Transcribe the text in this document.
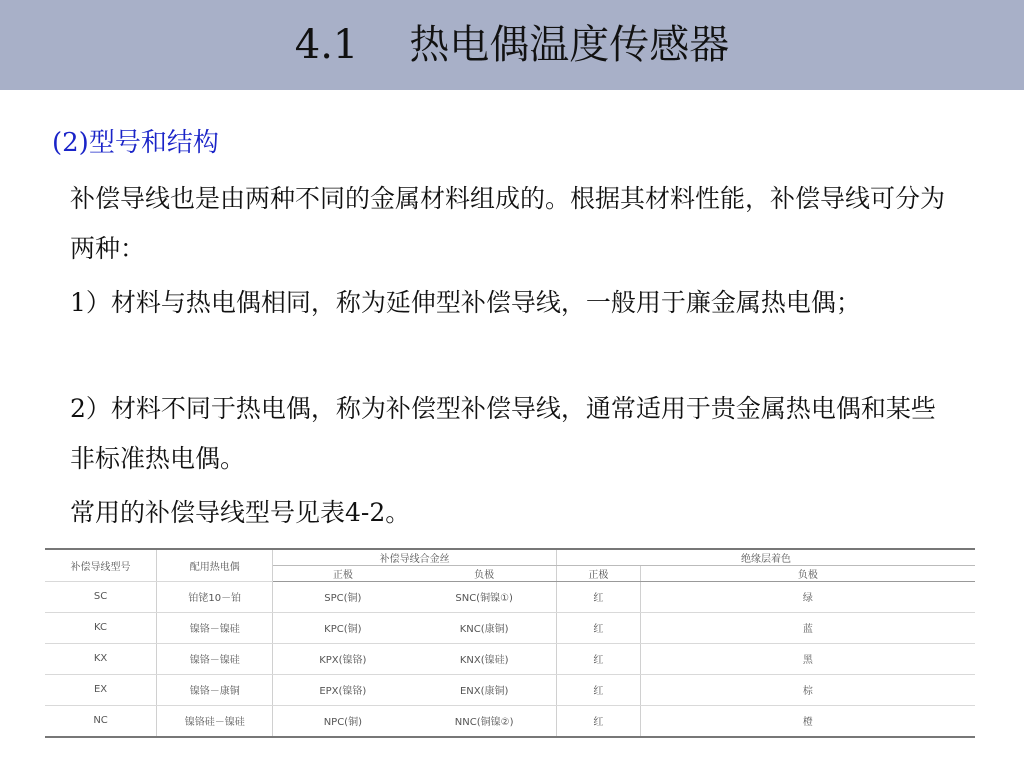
4.1    热电偶温度传感器
(2)型号和结构

补偿导线也是由两种不同的金属材料组成的。根据其材料性能，补偿导线可分为两种：

1）材料与热电偶相同，称为延伸型补偿导线，一般用于廉金属热电偶；

2）材料不同于热电偶，称为补偿型补偿导线，通常适用于贵金属热电偶和某些非标准热电偶。

常用的补偿导线型号见表4-2。

补偿导线型号	配用热电偶	补偿导线合金丝		绝缘层着色	
		正极	负极	正极	负极
SC	铂铑10－铂	SPC(铜)	SNC(铜镍①)	红	绿
KC	镍铬－镍硅	KPC(铜)	KNC(康铜)	红	蓝
KX	镍铬－镍硅	KPX(镍铬)	KNX(镍硅)	红	黑
EX	镍铬－康铜	EPX(镍铬)	ENX(康铜)	红	棕
NC	镍铬硅－镍硅	NPC(铜)	NNC(铜镍②)	红	橙
